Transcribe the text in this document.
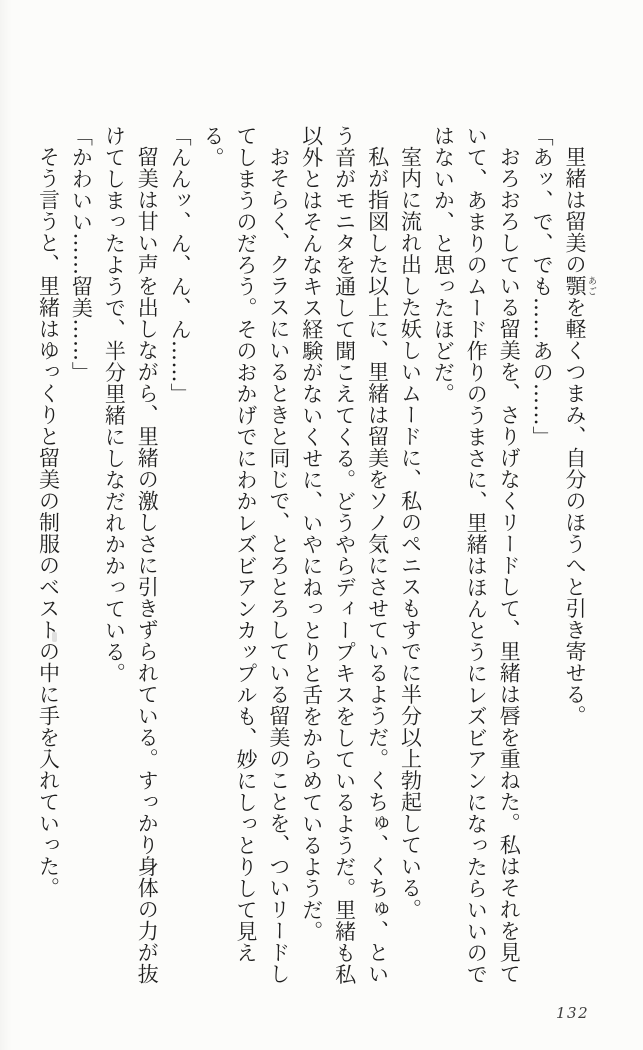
里緒は留美の顎 あごを軽くつまみ、自分のほうへと引き寄せる。

「あッ、で、でも……あの……」

おろおろしている留美を、さりげなくリードして、里緒は唇を重ねた。私はそれを見ていて、あまりのムード作りのうまさに、里緒はほんとうにレズビアンになったらいいのではないか、と思ったほどだ。

室内に流れ出した妖しいムードに、私のペニスもすでに半分以上勃起している。

私が指図した以上に、里緒は留美をソノ気にさせているようだ。くちゅ、くちゅ、という音がモニタを通して聞こえてくる。どうやらディープキスをしているようだ。里緒も私以外とはそんなキス経験がないくせに、いやにねっとりと舌をからめているようだ。

おそらく、クラスにいるときと同じで、とろとろしている留美のことを、ついリードしてしまうのだろう。そのおかげでにわかレズビアンカップルも、妙にしっとりして見える。

「んんッ、ん、ん、ん……」

留美は甘い声を出しながら、里緒の激しさに引きずられている。すっかり身体の力が抜けてしまったようで、半分里緒にしなだれかかっている。

「かわいい……留美……」

そう言うと、里緒はゆっくりと留美の制服のベストの中に手を入れていった。

132
